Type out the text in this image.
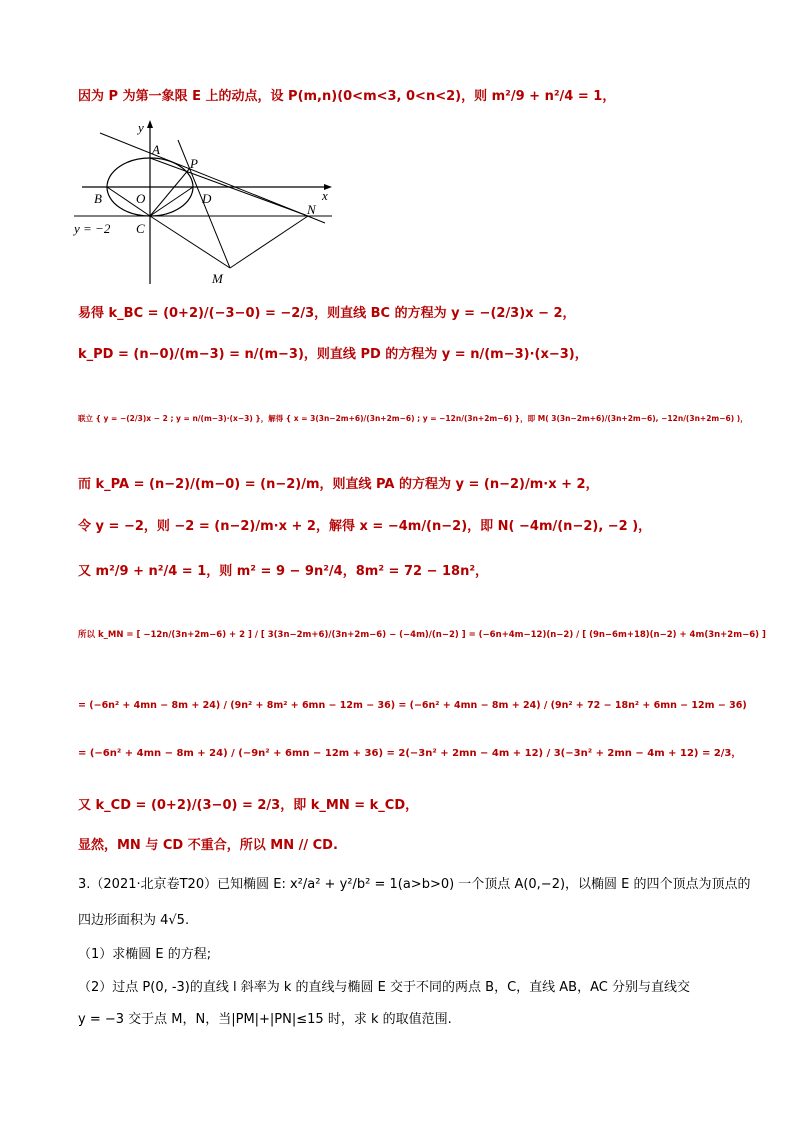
因为 P 为第一象限 E 上的动点，设 P(m,n)(0<m<3, 0<n<2)，则 m²/9 + n²/4 = 1，
y
x
A
P
B	O	D
N
C
M
y = −2
易得 k_BC = (0+2)/(−3−0) = −2/3，则直线 BC 的方程为 y = −(2/3)x − 2，
k_PD = (n−0)/(m−3) = n/(m−3)，则直线 PD 的方程为 y = n/(m−3)·(x−3)，
联立 { y = −(2/3)x − 2 ; y = n/(m−3)·(x−3) }，解得 { x = 3(3n−2m+6)/(3n+2m−6) ; y = −12n/(3n+2m−6) }，即 M( 3(3n−2m+6)/(3n+2m−6), −12n/(3n+2m−6) )，
而 k_PA = (n−2)/(m−0) = (n−2)/m，则直线 PA 的方程为 y = (n−2)/m·x + 2，
令 y = −2，则 −2 = (n−2)/m·x + 2，解得 x = −4m/(n−2)，即 N( −4m/(n−2), −2 )，
又 m²/9 + n²/4 = 1，则 m² = 9 − 9n²/4，8m² = 72 − 18n²，
所以 k_MN = [ −12n/(3n+2m−6) + 2 ] / [ 3(3n−2m+6)/(3n+2m−6) − (−4m)/(n−2) ] = (−6n+4m−12)(n−2) / [ (9n−6m+18)(n−2) + 4m(3n+2m−6) ]
= (−6n² + 4mn − 8m + 24) / (9n² + 8m² + 6mn − 12m − 36) = (−6n² + 4mn − 8m + 24) / (9n² + 72 − 18n² + 6mn − 12m − 36)
= (−6n² + 4mn − 8m + 24) / (−9n² + 6mn − 12m + 36) = 2(−3n² + 2mn − 4m + 12) / 3(−3n² + 2mn − 4m + 12) = 2/3，
又 k_CD = (0+2)/(3−0) = 2/3，即 k_MN = k_CD，
显然，MN 与 CD 不重合，所以 MN // CD.
3.（2021·北京卷T20）已知椭圆 E: x²/a² + y²/b² = 1(a>b>0) 一个顶点 A(0,−2)，以椭圆 E 的四个顶点为顶点的
四边形面积为 4√5.
（1）求椭圆 E 的方程;
（2）过点 P(0, -3)的直线 l 斜率为 k 的直线与椭圆 E 交于不同的两点 B，C，直线 AB，AC 分别与直线交
y = −3 交于点 M，N，当|PM|+|PN|≤15 时，求 k 的取值范围.
